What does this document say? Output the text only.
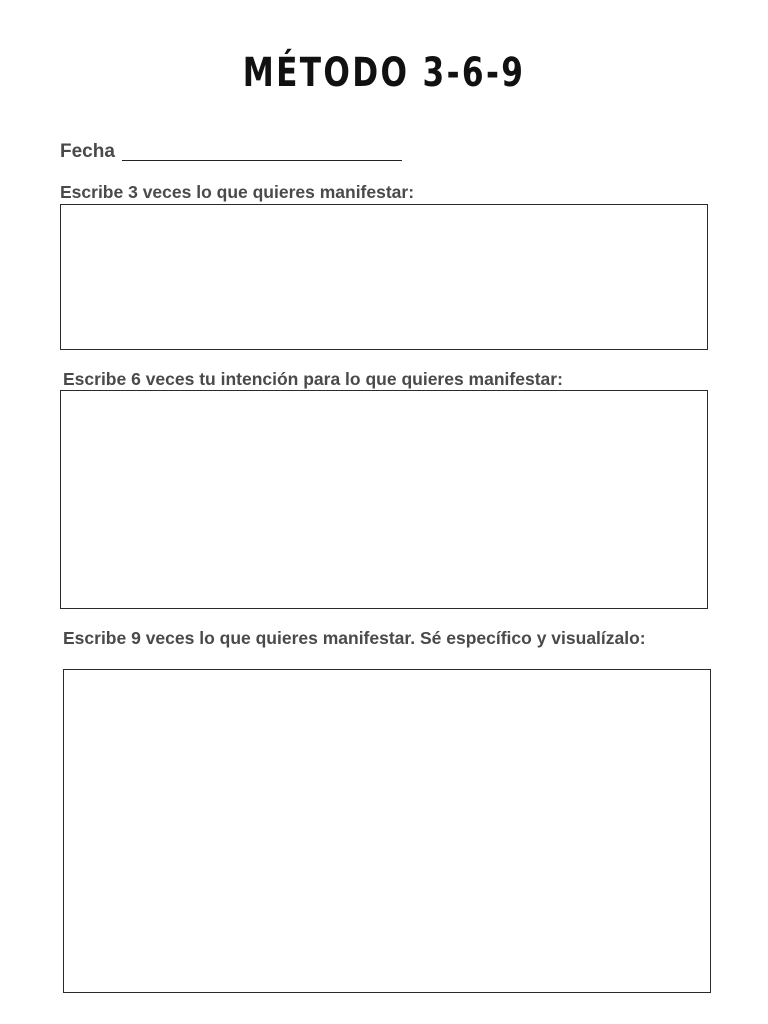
MÉTODO 3-6-9
Fecha

Escribe 3 veces lo que quieres manifestar:

Escribe 6 veces tu intención para lo que quieres manifestar:

Escribe 9 veces lo que quieres manifestar. Sé específico y visualízalo:
